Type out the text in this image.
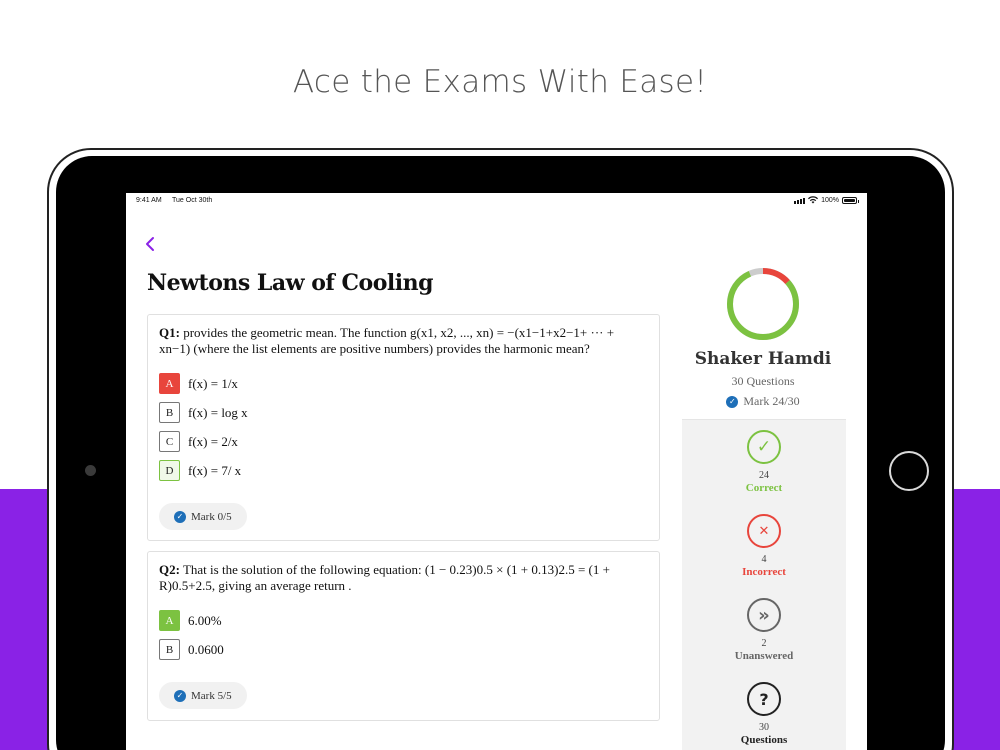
Ace the Exams With Ease!
9:41 AM Tue Oct 30th	100%
Newtons Law of Cooling
Q1: provides the geometric mean. The function g(x1, x2, ..., xn) = −(x1−1+x2−1+ ··· + xn−1) (where the list elements are positive numbers) provides the harmonic mean?
A	f(x) = 1/x
B	f(x) = log x
C	f(x) = 2/x
D	f(x) = 7/ x
✓ Mark 0/5
Q2: That is the solution of the following equation: (1 − 0.23)0.5 × (1 + 0.13)2.5 = (1 + R)0.5+2.5, giving an average return .
A	6.00%
B	0.0600
✓ Mark 5/5
Shaker Hamdi
30 Questions
✓ Mark 24/30
✓
24
Correct
✕
4
Incorrect
»
2
Unanswered
?
30
Questions
